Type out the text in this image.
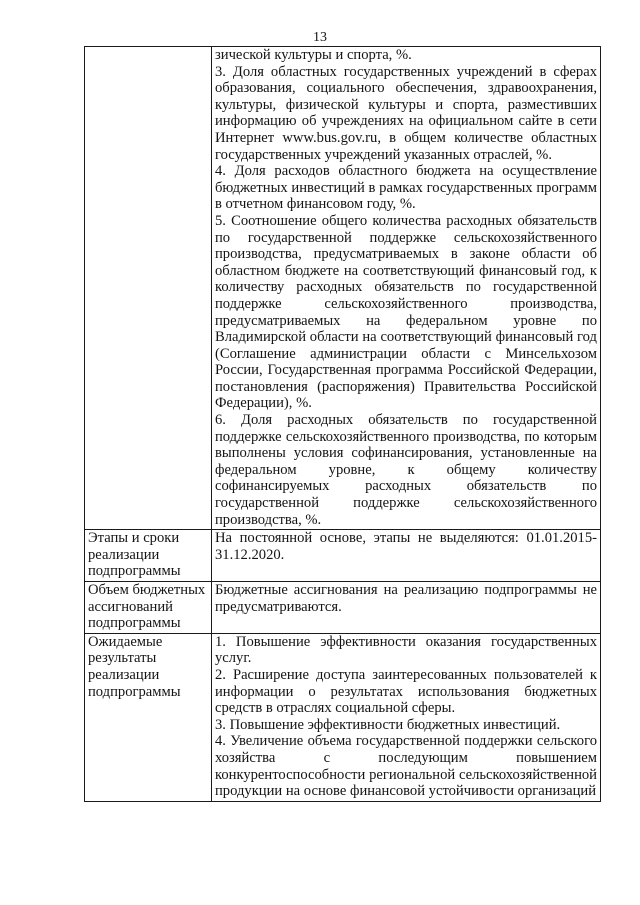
13

	зической культуры и спорта, %.

3. Доля областных государственных учреждений в сферах образования, социального обеспечения, здравоохранения, культуры, физической культуры и спорта, разместивших информацию об учреждениях на официальном сайте в сети Интернет www.bus.gov.ru, в общем количестве областных государственных учреждений указанных отраслей, %.

4. Доля расходов областного бюджета на осуществление бюджетных инвестиций в рамках государственных программ в отчетном финансовом году, %.

5. Соотношение общего количества расходных обязательств по государственной поддержке сельскохозяйственного производства, предусматриваемых в законе области об областном бюджете на соответствующий финансовый год, к количеству расходных обязательств по государственной поддержке сельскохозяйственного производства, предусматриваемых на федеральном уровне по Владимирской области на соответствующий финансовый год (Соглашение администрации области с Минсельхозом России, Государственная программа Российской Федерации, постановления (распоряжения) Правительства Российской Федерации), %.

6. Доля расходных обязательств по государственной поддержке сельскохозяйственного производства, по которым выполнены условия софинансирования, установленные на федеральном уровне, к общему количеству софинансируемых расходных обязательств по государственной поддержке сельскохозяйственного производства, %.

Этапы и сроки реализации подпрограммы	На постоянной основе, этапы не выделяются: 01.01.2015-31.12.2020.

Объем бюджетных ассигнований подпрограммы	Бюджетные ассигнования на реализацию подпрограммы не предусматриваются.

Ожидаемые результаты реализации подпрограммы	1. Повышение эффективности оказания государственных услуг.

2. Расширение доступа заинтересованных пользователей к информации о результатах использования бюджетных средств в отраслях социальной сферы.

3. Повышение эффективности бюджетных инвестиций.

4. Увеличение объема государственной поддержки сельского хозяйства с последующим повышением конкурентоспособности региональной сельскохозяйственной продукции на основе финансовой устойчивости организаций
